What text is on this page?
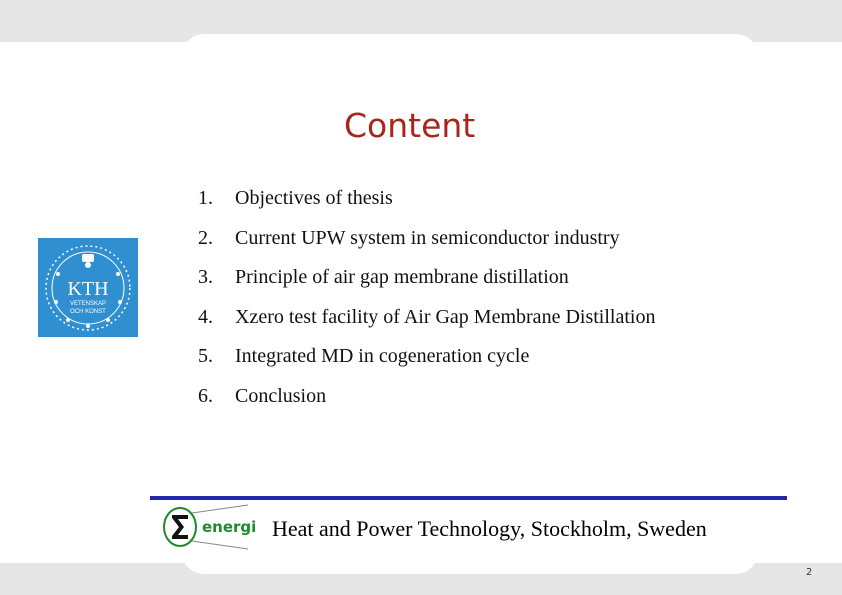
Content
1. Objectives of thesis
2. Current UPW system in semiconductor industry
3. Principle of air gap membrane distillation
4. Xzero test facility of Air Gap Membrane Distillation
5. Integrated MD in cogeneration cycle
6. Conclusion
KTH
VETENSKAP
OCH KONST
energi Heat and Power Technology, Stockholm, Sweden
2
